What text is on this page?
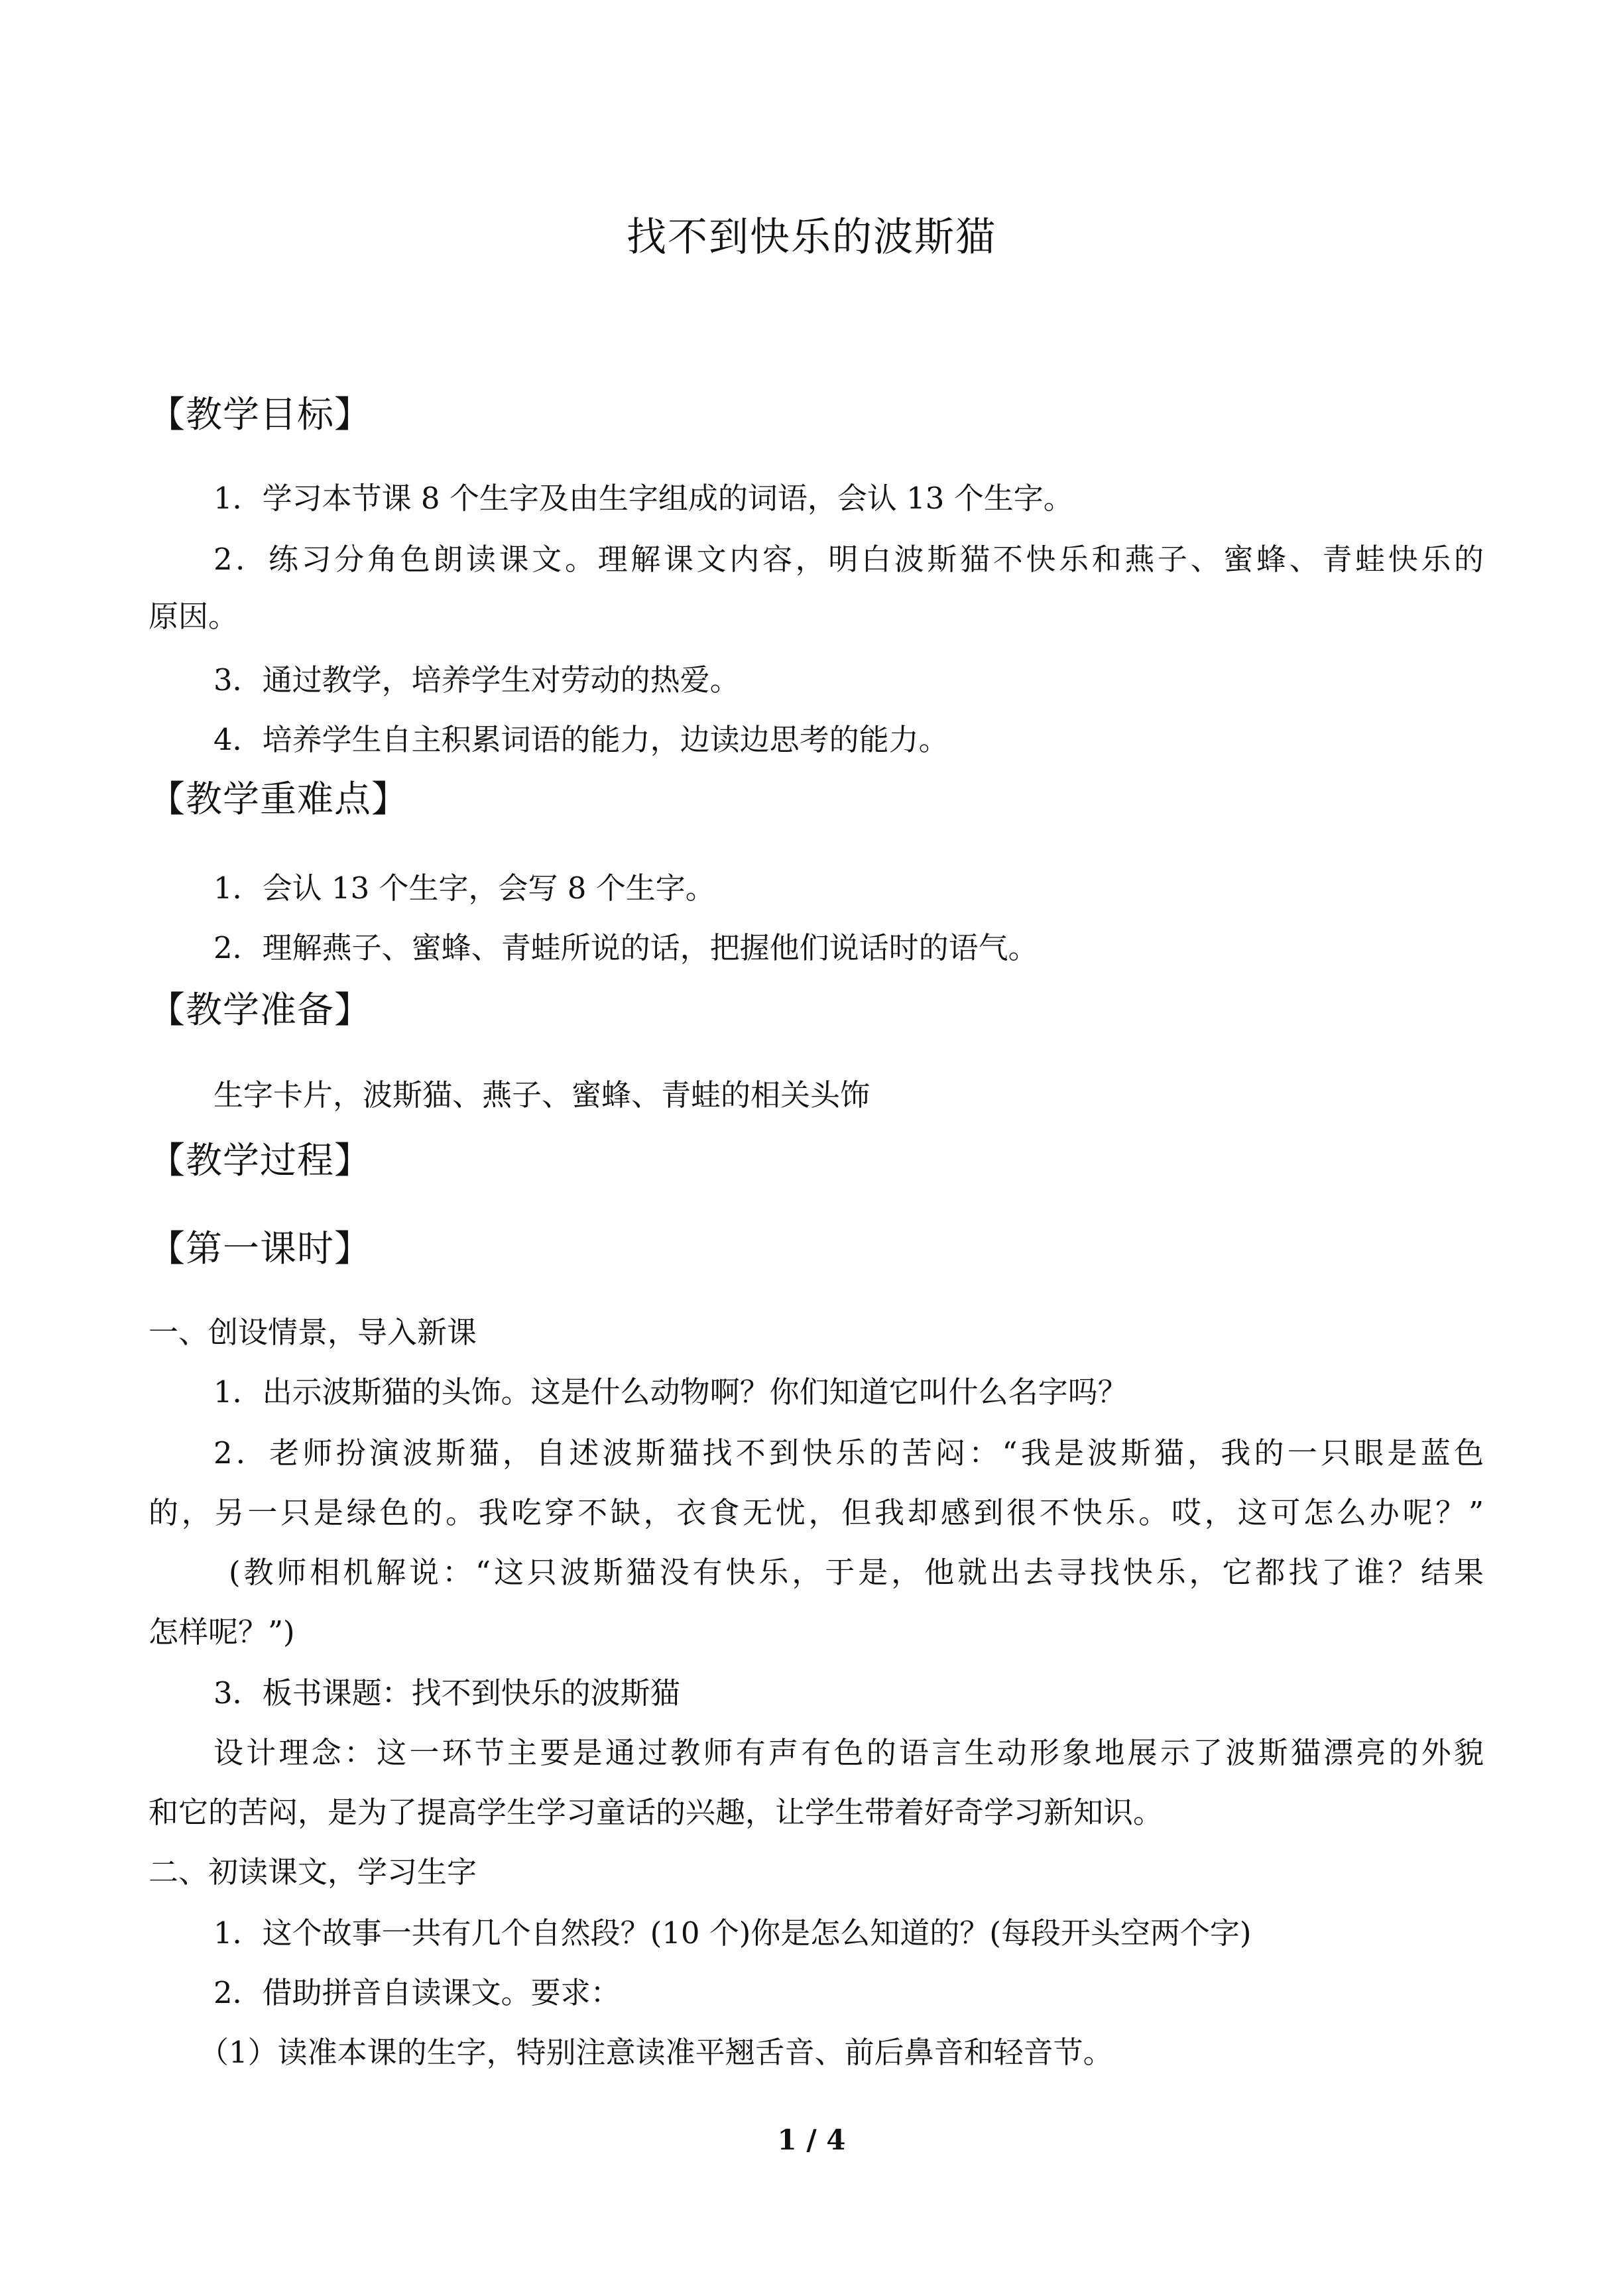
找不到快乐的波斯猫
【教学目标】
1．学习本节课 8 个生字及由生字组成的词语，会认 13 个生字。
2．练习分角色朗读课文。理解课文内容，明白波斯猫不快乐和燕子、蜜蜂、青蛙快乐的
原因。
3．通过教学，培养学生对劳动的热爱。
4．培养学生自主积累词语的能力，边读边思考的能力。
【教学重难点】
1．会认 13 个生字，会写 8 个生字。
2．理解燕子、蜜蜂、青蛙所说的话，把握他们说话时的语气。
【教学准备】
生字卡片，波斯猫、燕子、蜜蜂、青蛙的相关头饰
【教学过程】
【第一课时】
一、创设情景，导入新课
1．出示波斯猫的头饰。这是什么动物啊？你们知道它叫什么名字吗？
2．老师扮演波斯猫，自述波斯猫找不到快乐的苦闷：“我是波斯猫，我的一只眼是蓝色
的，另一只是绿色的。我吃穿不缺，衣食无忧，但我却感到很不快乐。哎，这可怎么办呢？”
(教师相机解说：“这只波斯猫没有快乐，于是，他就出去寻找快乐，它都找了谁？结果
怎样呢？”)
3．板书课题：找不到快乐的波斯猫
设计理念：这一环节主要是通过教师有声有色的语言生动形象地展示了波斯猫漂亮的外貌
和它的苦闷，是为了提高学生学习童话的兴趣，让学生带着好奇学习新知识。
二、初读课文，学习生字
1．这个故事一共有几个自然段？(10 个)你是怎么知道的？(每段开头空两个字)
2．借助拼音自读课文。要求：
（1）读准本课的生字，特别注意读准平翘舌音、前后鼻音和轻音节。
1 / 4
